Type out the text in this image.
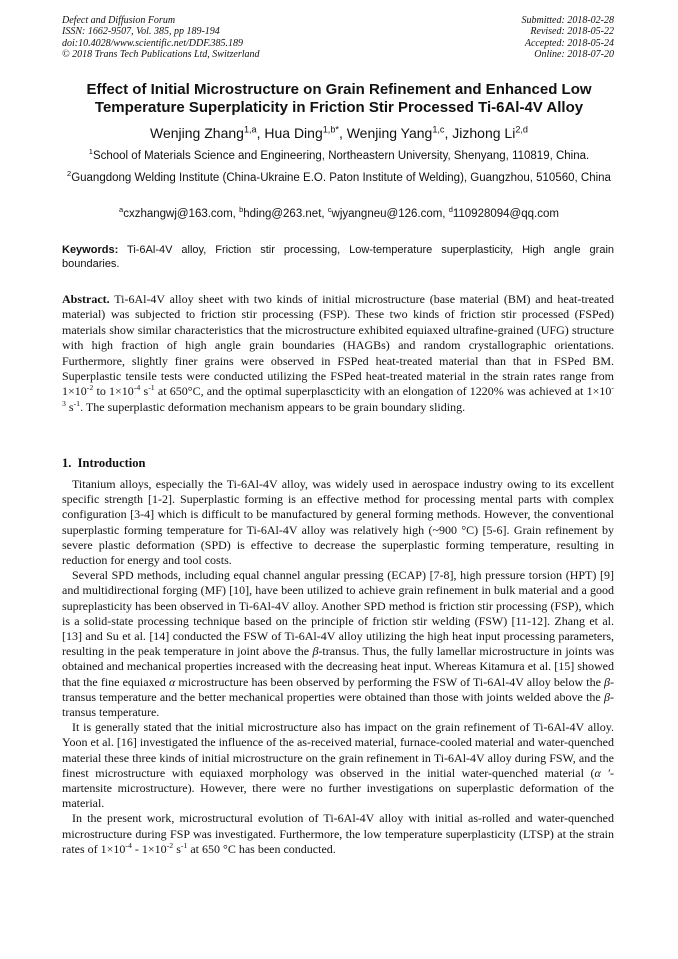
Defect and Diffusion Forum
ISSN: 1662-9507, Vol. 385, pp 189-194
doi:10.4028/www.scientific.net/DDF.385.189
© 2018 Trans Tech Publications Ltd, Switzerland
Submitted: 2018-02-28
Revised: 2018-05-22
Accepted: 2018-05-24
Online: 2018-07-20
Effect of Initial Microstructure on Grain Refinement and Enhanced Low
Temperature Superplaticity in Friction Stir Processed Ti-6Al-4V Alloy
Wenjing Zhang$^{1,a}$, Hua Ding$^{1,b*}$, Wenjing Yang$^{1,c}$, Jizhong Li$^{2,d}$
$^1$School of Materials Science and Engineering, Northeastern University, Shenyang, 110819, China.
$^2$Guangdong Welding Institute (China-Ukraine E.O. Paton Institute of Welding), Guangzhou, 510560, China
$^a$cxzhangwj@163.com, $^b$hding@263.net, $^c$wjyangneu@126.com, $^d$110928094@qq.com
Keywords: Ti-6Al-4V alloy, Friction stir processing, Low-temperature superplasticity, High angle grain boundaries.
Abstract. Ti-6Al-4V alloy sheet with two kinds of initial microstructure (base material (BM) and heat-treated material) was subjected to friction stir processing (FSP). These two kinds of friction stir processed (FSPed) materials show similar characteristics that the microstructure exhibited equiaxed ultrafine-grained (UFG) structure with high fraction of high angle grain boundaries (HAGBs) and random crystallographic orientations. Furthermore, slightly finer grains were observed in FSPed heat-treated material than that in FSPed BM. Superplastic tensile tests were conducted utilizing the FSPed heat-treated material in the strain rates range from $1\times 10^{-2}$ to $1\times 10^{-4}$ $s^{-1}$ at 650°C, and the optimal superplascticity with an elongation of 1220% was achieved at $1\times 10^{-3}$ $s^{-1}$. The superplastic deformation mechanism appears to be grain boundary sliding.
1. Introduction

Titanium alloys, especially the Ti-6Al-4V alloy, was widely used in aerospace industry owing to its excellent specific strength [1-2]. Superplastic forming is an effective method for processing mental parts with complex configuration [3-4] which is difficult to be manufactured by general forming methods. However, the conventional superplastic forming temperature for Ti-6Al-4V alloy was relatively high (~900 °C) [5-6]. Grain refinement by severe plastic deformation (SPD) is effective to decrease the superplastic forming temperature, resulting in reduction for energy and tool costs.

Several SPD methods, including equal channel angular pressing (ECAP) [7-8], high pressure torsion (HPT) [9] and multidirectional forging (MF) [10], have been utilized to achieve grain refinement in bulk material and a good supreplasticity has been observed in Ti-6Al-4V alloy. Another SPD method is friction stir processing (FSP), which is a solid-state processing technique based on the principle of friction stir welding (FSW) [11-12]. Zhang et al. [13] and Su et al. [14] conducted the FSW of Ti-6Al-4V alloy utilizing the high heat input processing parameters, resulting in the peak temperature in joint above the β-transus. Thus, the fully lamellar microstructure in joints was obtained and mechanical properties increased with the decreasing heat input. Whereas Kitamura et al. [15] showed that the fine equiaxed α microstructure has been observed by performing the FSW of Ti-6Al-4V alloy below the β-transus temperature and the better mechanical properties were obtained than those with joints welded above the β-transus temperature.

It is generally stated that the initial microstructure also has impact on the grain refinement of Ti-6Al-4V alloy. Yoon et al. [16] investigated the influence of the as-received material, furnace-cooled material and water-quenched material these three kinds of initial microstructure on the grain refinement in Ti-6Al-4V alloy during FSW, and the finest microstructure with equiaxed morphology was observed in the initial water-quenched material (α ′-martensite microstructure). However, there were no further investigations on superplastic deformation of the material.

In the present work, microstructural evolution of Ti-6Al-4V alloy with initial as-rolled and water-quenched microstructure during FSP was investigated. Furthermore, the low temperature superplasticity (LTSP) at the strain rates of $1\times 10^{-4} - 1\times 10^{-2}$ $s^{-1}$ at 650 °C has been conducted.
